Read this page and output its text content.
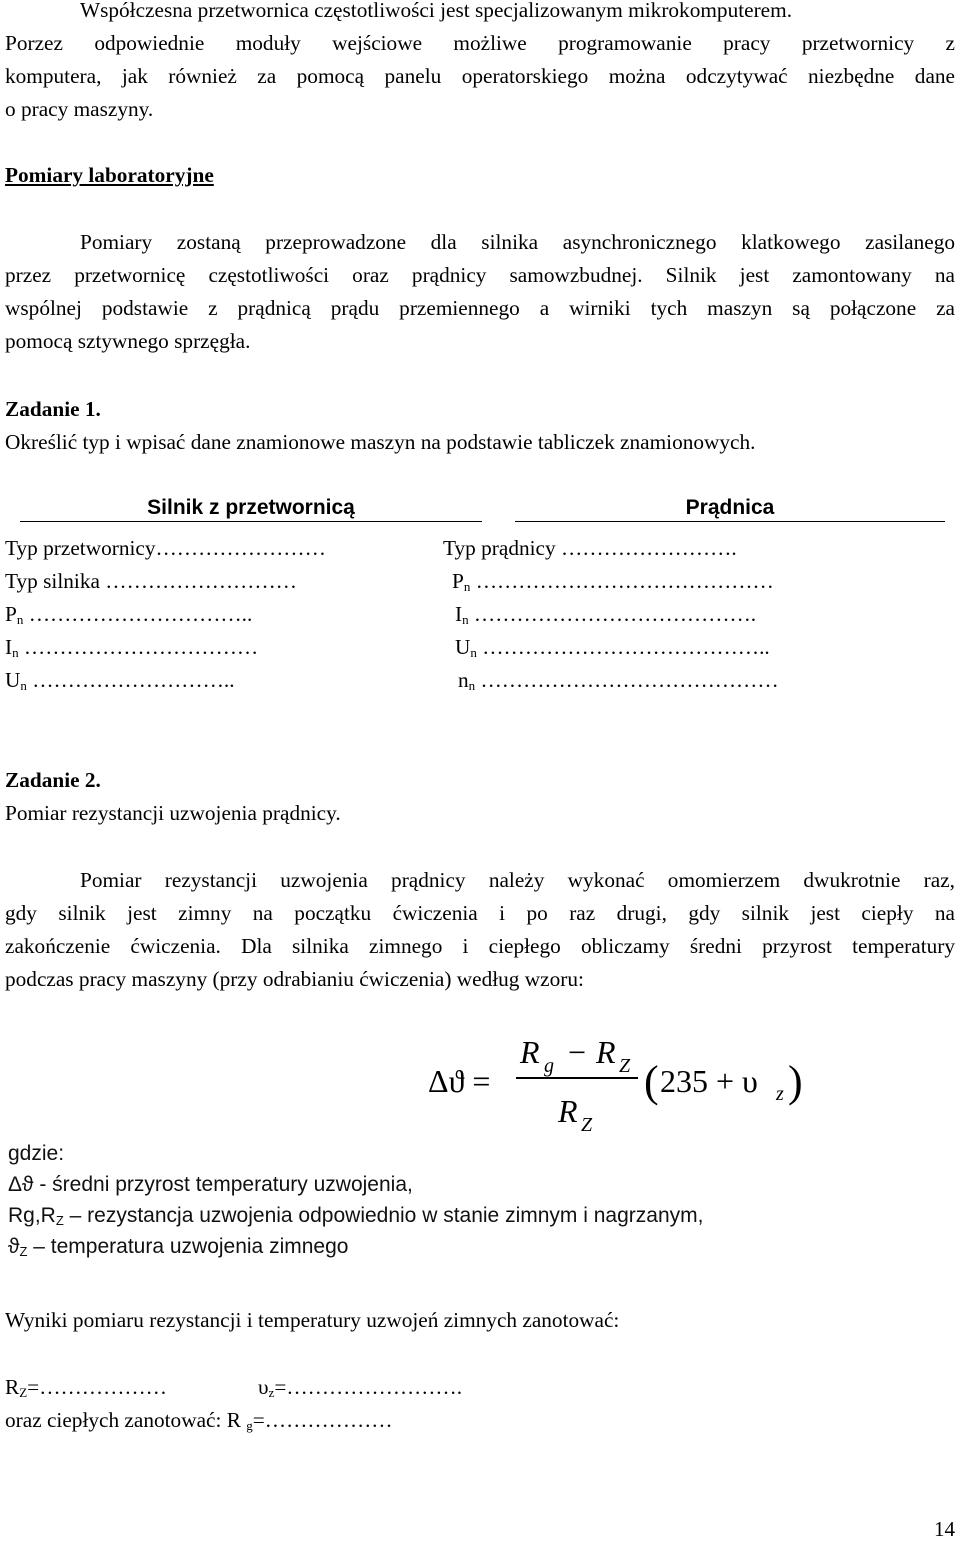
Współczesna przetwornica częstotliwości jest specjalizowanym mikrokomputerem.
Porzez odpowiednie moduły wejściowe możliwe programowanie pracy przetwornicy z
komputera, jak również za pomocą panelu operatorskiego można odczytywać niezbędne dane
o pracy maszyny.
Pomiary laboratoryjne
Pomiary zostaną przeprowadzone dla silnika asynchronicznego klatkowego zasilanego
przez przetwornicę częstotliwości oraz prądnicy samowzbudnej. Silnik jest zamontowany na
wspólnej podstawie z prądnicą prądu przemiennego a wirniki tych maszyn są połączone za
pomocą sztywnego sprzęgła.
Zadanie 1.
Określić typ i wpisać dane znamionowe maszyn na podstawie tabliczek znamionowych.
Silnik z przetwornicą
Typ przetwornicy……………………
Typ silnika ………………………
$P_n$ …………………………..
$I_n$ ……………………………
$U_n$ ………………………..
Prądnica
Typ prądnicy …………………….
$P_n$ ……………………………………
$I_n$ ………………………………….
$U_n$ …………………………………..
$n_n$ ……………………………………
Zadanie 2.
Pomiar rezystancji uzwojenia prądnicy.
Pomiar rezystancji uzwojenia prądnicy należy wykonać omomierzem dwukrotnie raz,
gdy silnik jest zimny na początku ćwiczenia i po raz drugi, gdy silnik jest ciepły na
zakończenie ćwiczenia. Dla silnika zimnego i ciepłego obliczamy średni przyrost temperatury
podczas pracy maszyny (przy odrabianiu ćwiczenia) według wzoru:
Δϑ =
R g − R Z
R Z
( 235 + υ z )
gdzie:
Δϑ - średni przyrost temperatury uzwojenia,
$Rg,R_Z$ – rezystancja uzwojenia odpowiednio w stanie zimnym i nagrzanym,
$ϑ_Z$ – temperatura uzwojenia zimnego
Wyniki pomiaru rezystancji i temperatury uzwojeń zimnych zanotować:
$R_Z=\dots\dots\dots\dots\dots\dots$	$\upsilon_z=\dots\dots\dots\dots\dots\dots\dots\dots$.
oraz ciepłych zanotować: R $_g$=………………
14
